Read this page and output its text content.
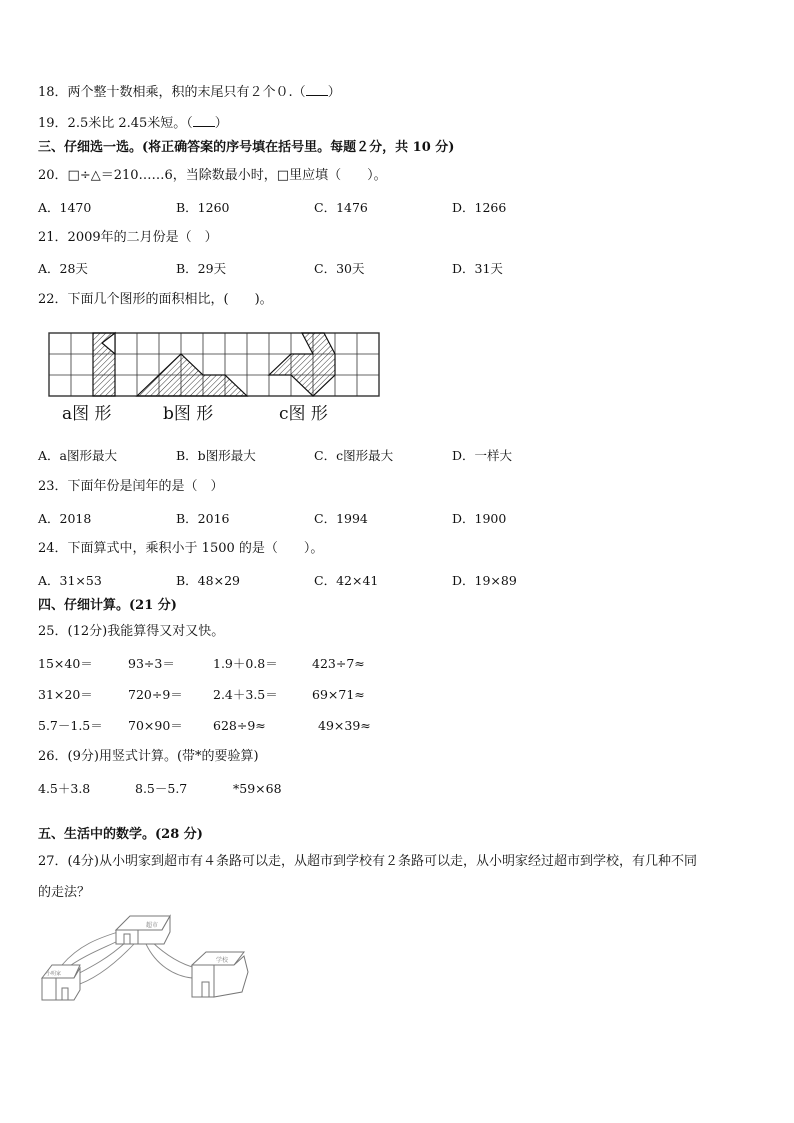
18．两个整十数相乘，积的末尾只有２个０.（ ）
19．2.5米比 2.45米短。（ ）
三、仔细选一选。(将正确答案的序号填在括号里。每题２分，共 10 分)
20．□÷△＝210……6，当除数最小时，□里应填（　　）。
A．1470	B．1260	C．1476	D．1266
21．2009年的二月份是（　）
A．28天	B．29天	C．30天	D．31天
22．下面几个图形的面积相比，(　　)。
a图 形	b图 形	c图 形
A．a图形最大	B．b图形最大	C．c图形最大	D．一样大
23．下面年份是闰年的是（　）
A．2018	B．2016	C．1994	D．1900
24．下面算式中，乘积小于 1500 的是（　　）。
A．31×53	B．48×29	C．42×41	D．19×89
四、仔细计算。(21 分)
25．(12分)我能算得又对又快。
15×40＝	93÷3＝	1.9＋0.8＝	423÷7≈
31×20＝	720÷9＝ 2.4＋3.5＝	69×71≈
5.7－1.5＝ 70×90＝ 628÷9≈	49×39≈
26．(9分)用竖式计算。(带*的要验算)
4.5＋3.8	8.5－5.7	*59×68
五、生活中的数学。(28 分)
27．(4分)从小明家到超市有４条路可以走，从超市到学校有２条路可以走，从小明家经过超市到学校，有几种不同
的走法？
超市
小明家
学校
